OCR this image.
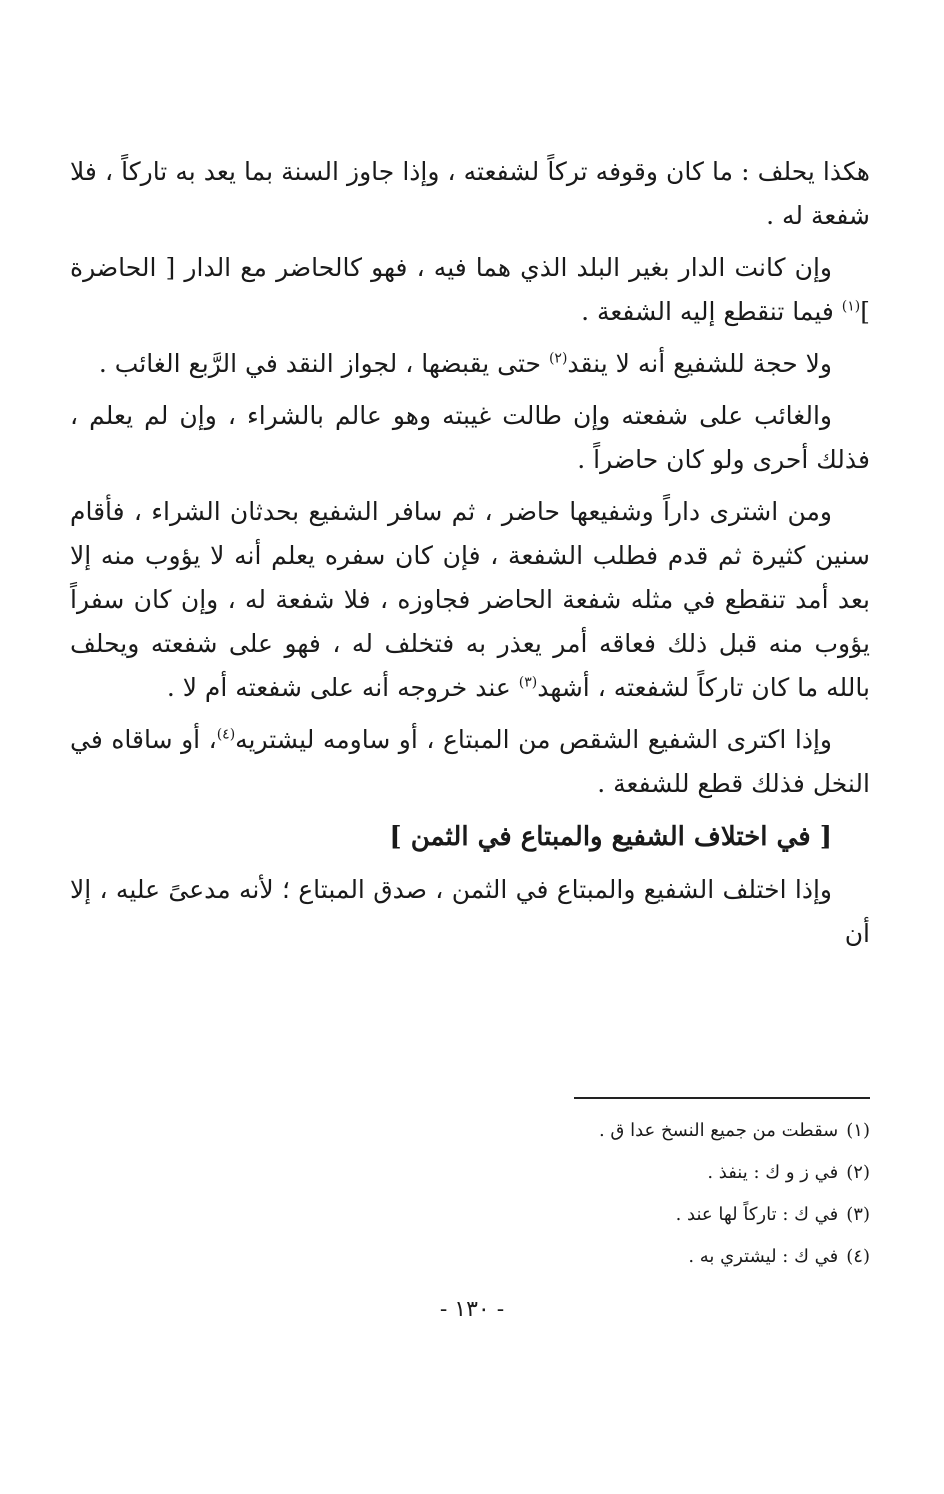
هكذا يحلف : ما كان وقوفه تركاً لشفعته ، وإذا جاوز السنة بما يعد به تاركاً ، فلا شفعة له .

وإن كانت الدار بغير البلد الذي هما فيه ، فهو كالحاضر مع الدار [ الحاضرة ]$^{(١)}$ فيما تنقطع إليه الشفعة .

ولا حجة للشفيع أنه لا ينقد$^{(٢)}$ حتى يقبضها ، لجواز النقد في الرَّبع الغائب .

والغائب على شفعته وإن طالت غيبته وهو عالم بالشراء ، وإن لم يعلم ، فذلك أحرى ولو كان حاضراً .

ومن اشترى داراً وشفيعها حاضر ، ثم سافر الشفيع بحدثان الشراء ، فأقام سنين كثيرة ثم قدم فطلب الشفعة ، فإن كان سفره يعلم أنه لا يؤوب منه إلا بعد أمد تنقطع في مثله شفعة الحاضر فجاوزه ، فلا شفعة له ، وإن كان سفراً يؤوب منه قبل ذلك فعاقه أمر يعذر به فتخلف له ، فهو على شفعته ويحلف بالله ما كان تاركاً لشفعته ، أشهد$^{(٣)}$ عند خروجه أنه على شفعته أم لا .

وإذا اكترى الشفيع الشقص من المبتاع ، أو ساومه ليشتريه$^{(٤)}$، أو ساقاه في النخل فذلك قطع للشفعة .

[ في اختلاف الشفيع والمبتاع في الثمن ]

وإذا اختلف الشفيع والمبتاع في الثمن ، صدق المبتاع ؛ لأنه مدعىً عليه ، إلا أن

(١)سقطت من جميع النسخ عدا ق .
(٢)في ز و ك : ينفذ .
(٣)في ك : تاركاً لها عند .
(٤)في ك : ليشتري به .
- ١٣٠ -
